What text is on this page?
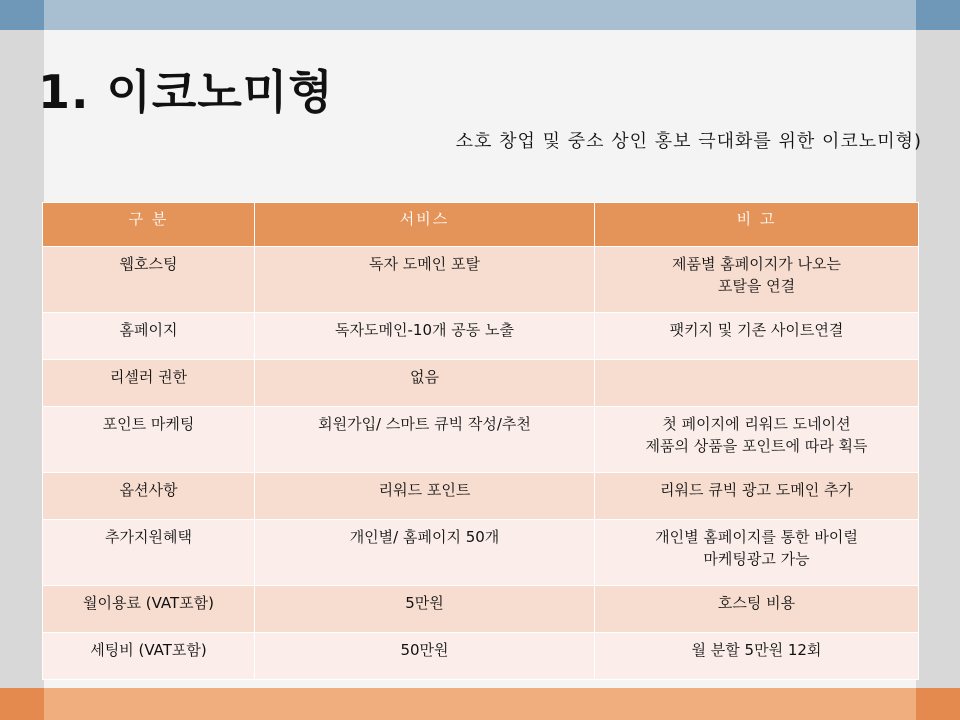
1. 이코노미형
소호 창업 및 중소 상인 홍보 극대화를 위한 이코노미형)
구 분	서비스	비 고
웹호스팅	독자 도메인 포탈	제품별 홈페이지가 나오는
포탈을 연결

홈페이지	독자도메인-10개 공동 노출	팻키지 및 기존 사이트연결

리셀러 권한	없음	
포인트 마케팅	회원가입/ 스마트 큐빅 작성/추천	첫 페이지에 리워드 도네이션
제품의 상품을 포인트에 따라 획득

옵션사항	리워드 포인트	리워드 큐빅 광고 도메인 추가

추가지원혜택	개인별/ 홈페이지 50개	개인별 홈페이지를 통한 바이럴
마케팅광고 가능

월이용료 (VAT포함)	5만원	호스팅 비용

세팅비 (VAT포함)	50만원	월 분할 5만원 12회
